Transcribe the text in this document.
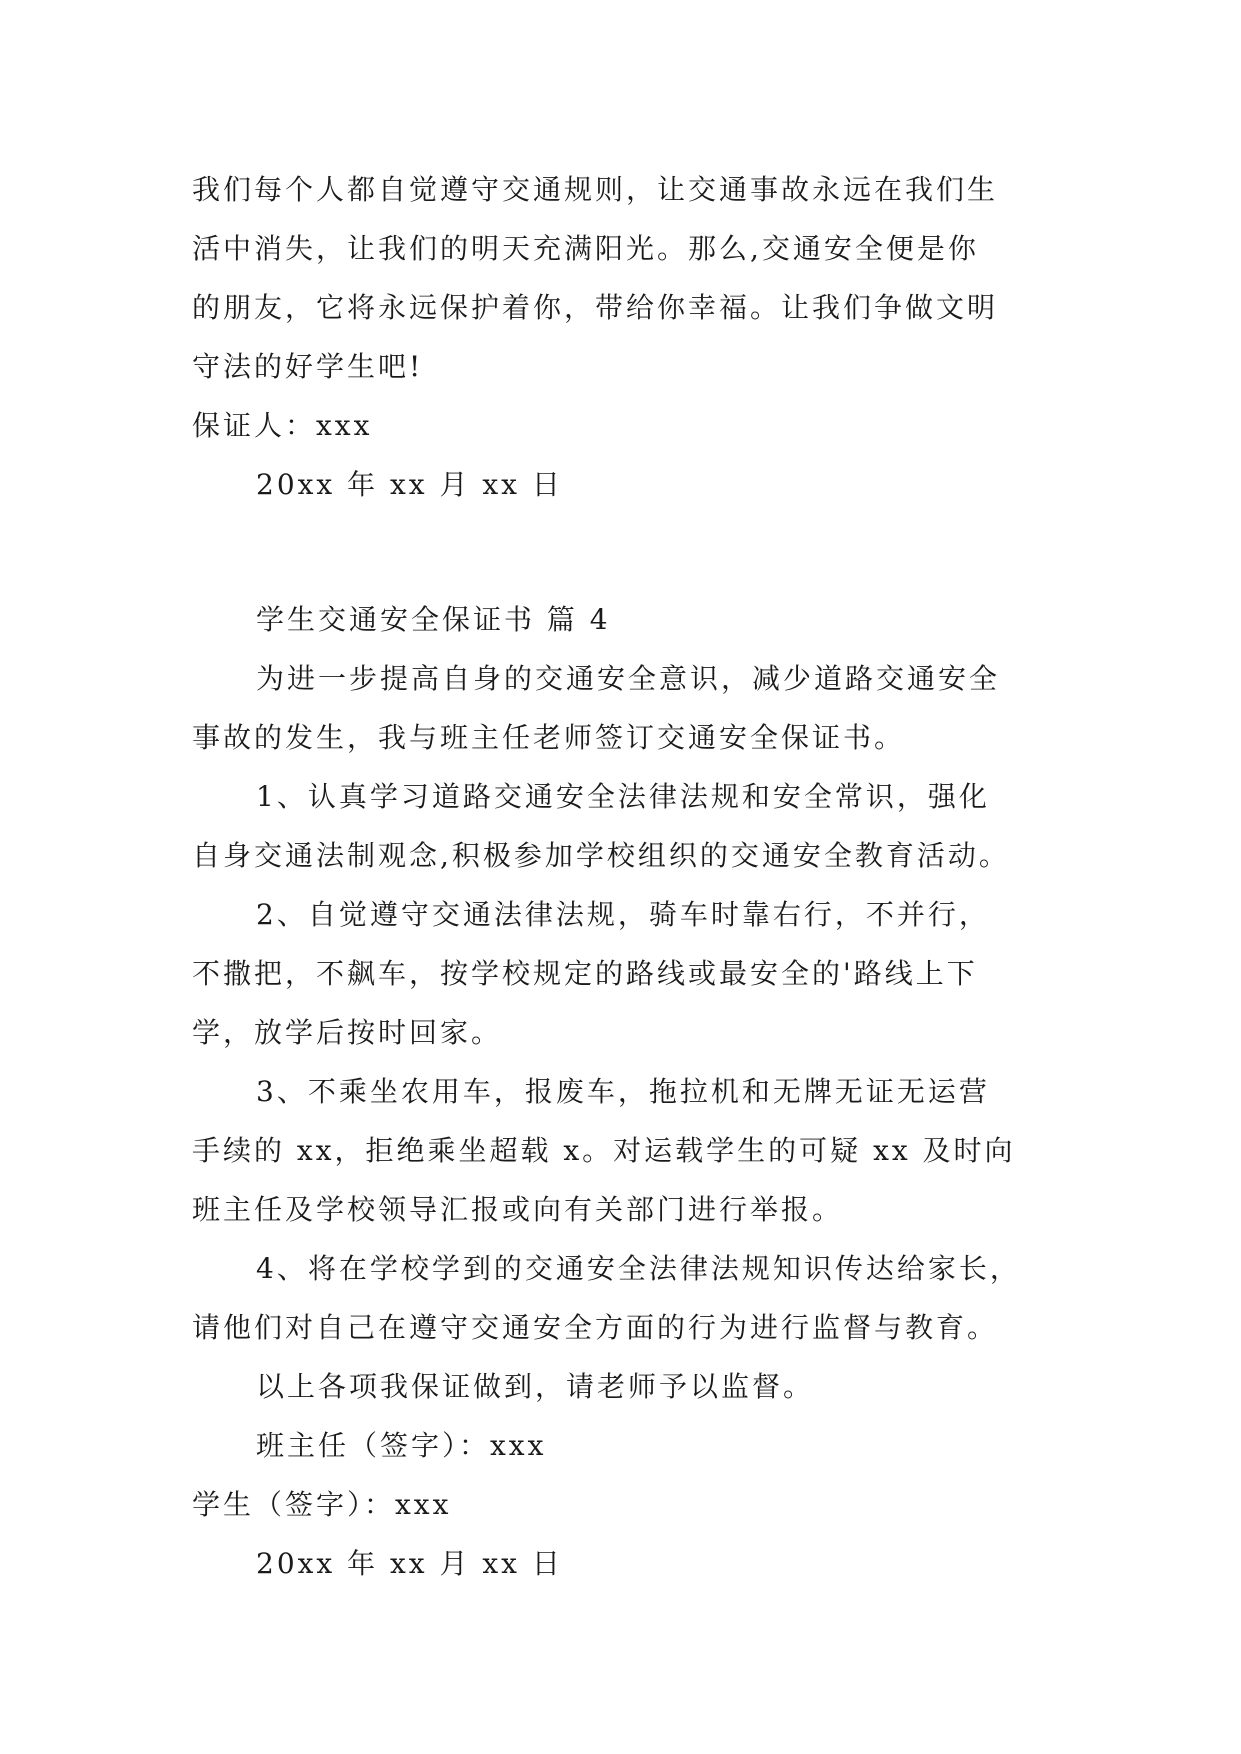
我们每个人都自觉遵守交通规则，让交通事故永远在我们生
活中消失，让我们的明天充满阳光。那么,交通安全便是你
的朋友，它将永远保护着你，带给你幸福。让我们争做文明
守法的好学生吧!
保证人：xxx
20xx 年 xx 月 xx 日
学生交通安全保证书 篇 4
为进一步提高自身的交通安全意识，减少道路交通安全
事故的发生，我与班主任老师签订交通安全保证书。
1、认真学习道路交通安全法律法规和安全常识，强化
自身交通法制观念,积极参加学校组织的交通安全教育活动。
2、自觉遵守交通法律法规，骑车时靠右行，不并行，
不撒把，不飙车，按学校规定的路线或最安全的'路线上下
学，放学后按时回家。
3、不乘坐农用车，报废车，拖拉机和无牌无证无运营
手续的 xx，拒绝乘坐超载 x。对运载学生的可疑 xx 及时向
班主任及学校领导汇报或向有关部门进行举报。
4、将在学校学到的交通安全法律法规知识传达给家长，
请他们对自己在遵守交通安全方面的行为进行监督与教育。
以上各项我保证做到，请老师予以监督。
班主任（签字）：xxx
学生（签字）：xxx
20xx 年 xx 月 xx 日
